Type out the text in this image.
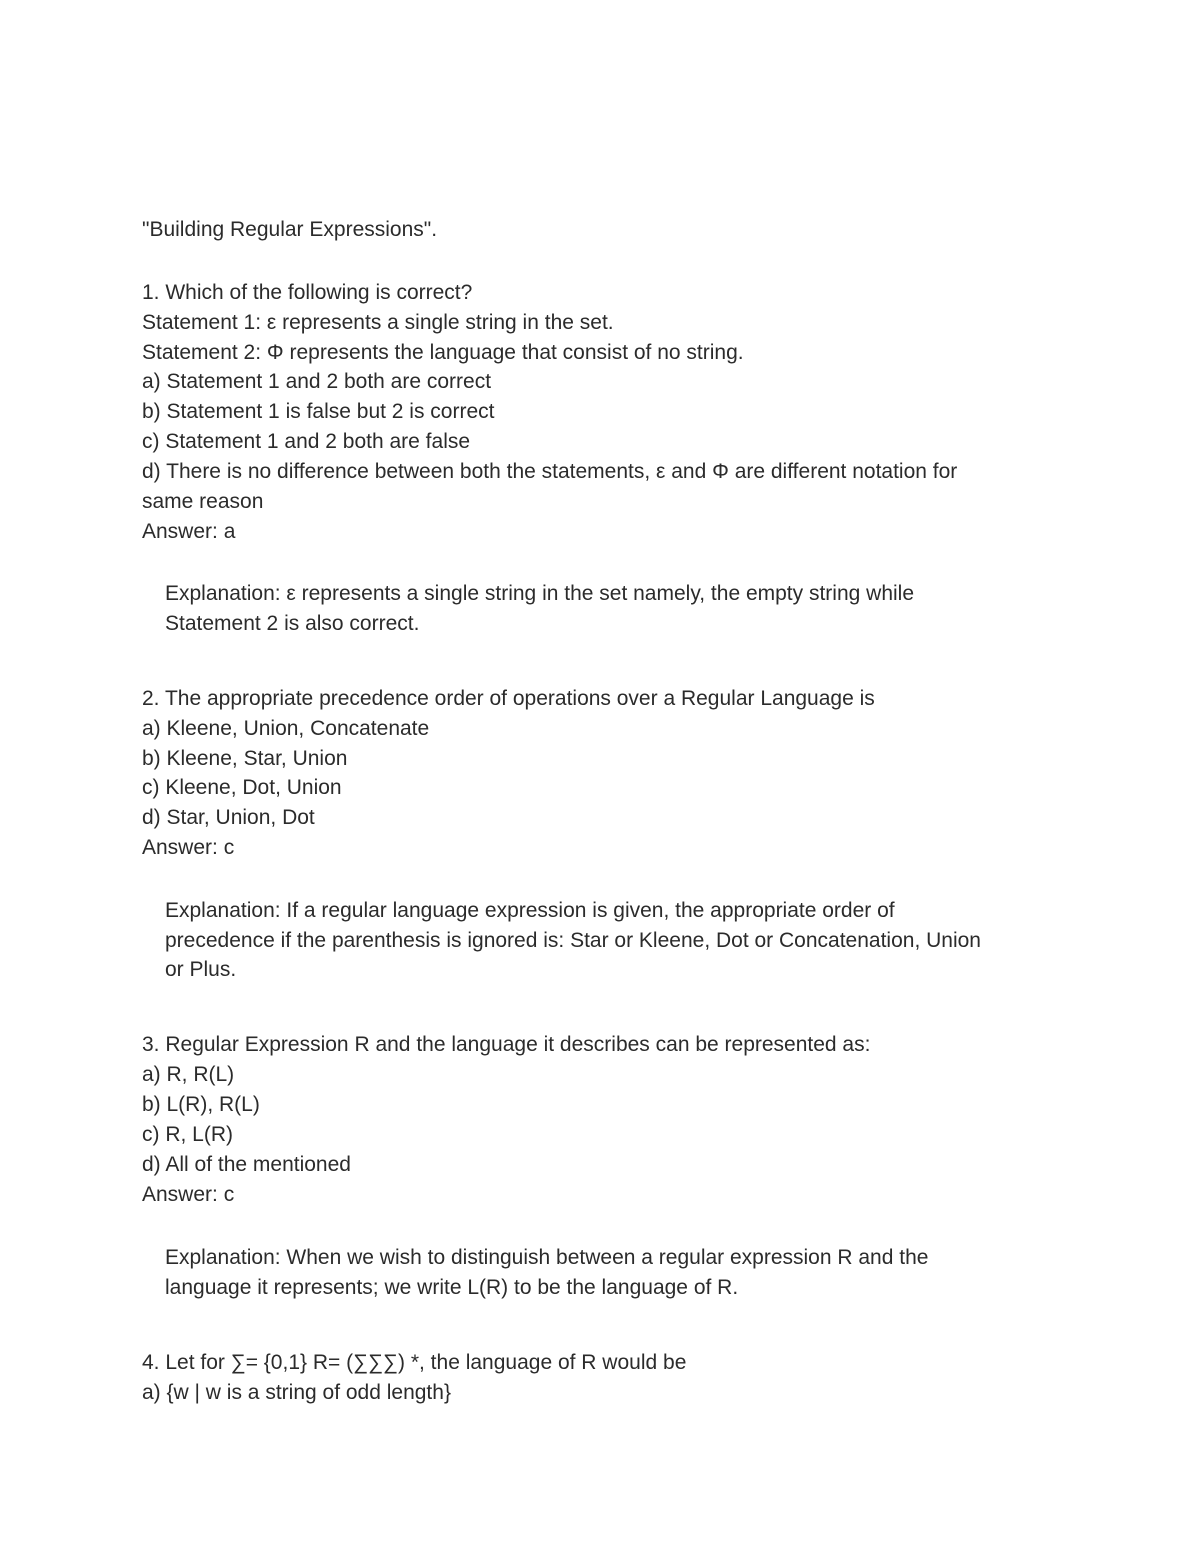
"Building Regular Expressions".
1. Which of the following is correct?
Statement 1: ε represents a single string in the set.
Statement 2: Φ represents the language that consist of no string.
a) Statement 1 and 2 both are correct
b) Statement 1 is false but 2 is correct
c) Statement 1 and 2 both are false
d) There is no difference between both the statements, ε and Φ are different notation for
same reason
Answer: a
Explanation: ε represents a single string in the set namely, the empty string while
Statement 2 is also correct.
2. The appropriate precedence order of operations over a Regular Language is
a) Kleene, Union, Concatenate
b) Kleene, Star, Union
c) Kleene, Dot, Union
d) Star, Union, Dot
Answer: c
Explanation: If a regular language expression is given, the appropriate order of
precedence if the parenthesis is ignored is: Star or Kleene, Dot or Concatenation, Union
or Plus.
3. Regular Expression R and the language it describes can be represented as:
a) R, R(L)
b) L(R), R(L)
c) R, L(R)
d) All of the mentioned
Answer: c
Explanation: When we wish to distinguish between a regular expression R and the
language it represents; we write L(R) to be the language of R.
4. Let for ∑= {0,1} R= (∑∑∑) *, the language of R would be
a) {w | w is a string of odd length}
